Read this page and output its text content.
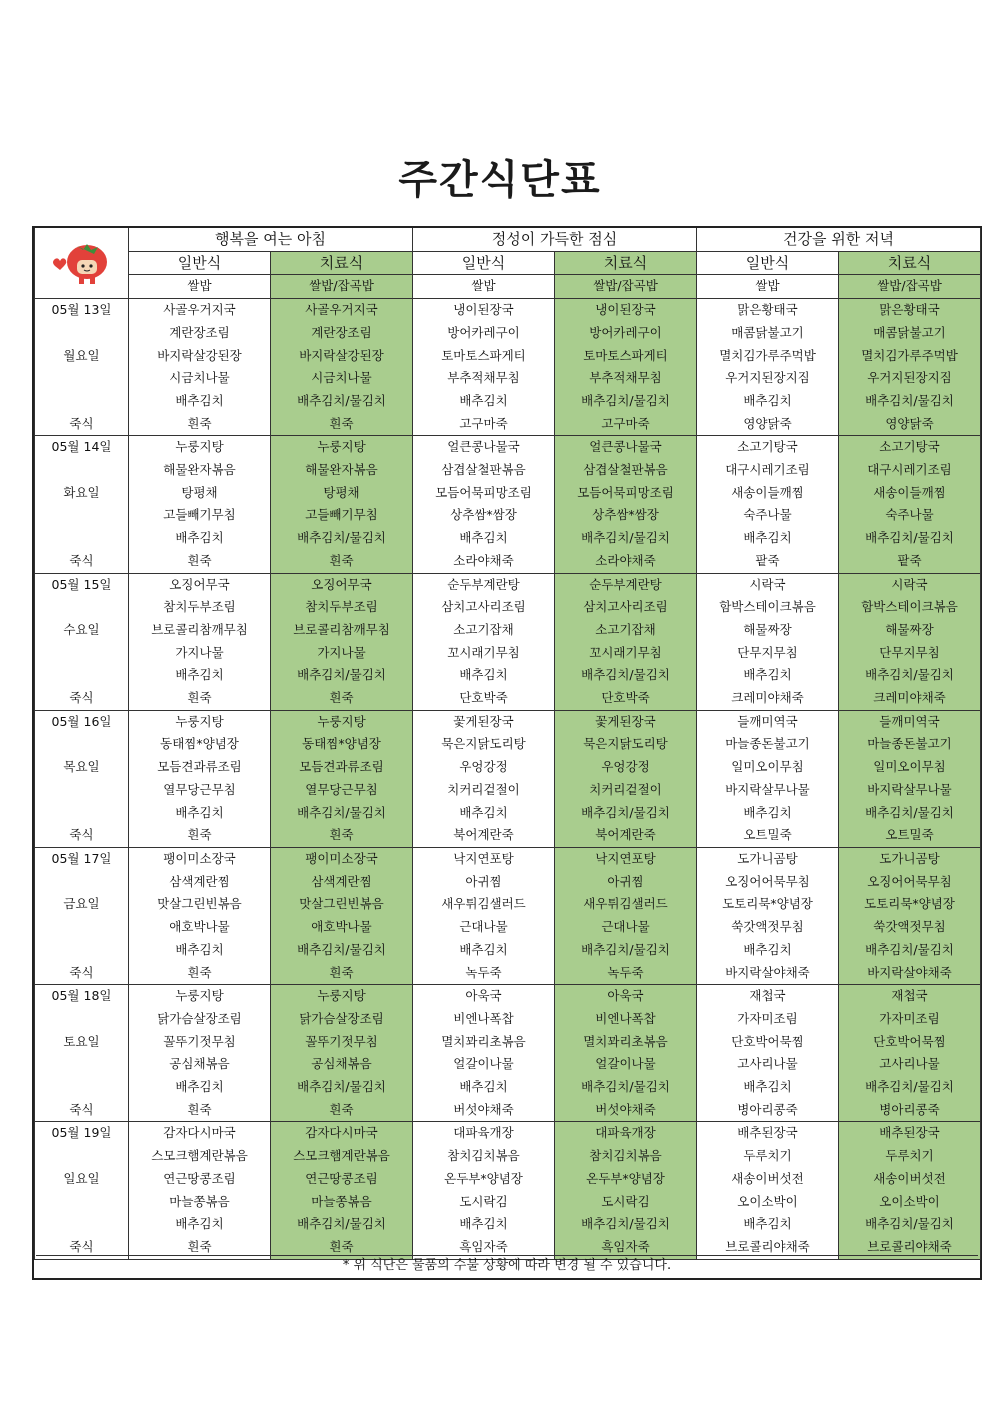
주간식단표
	행복을 여는 아침		정성이 가득한 점심		건강을 위한 저녁	
	일반식	치료식	일반식	치료식	일반식	치료식
	쌀밥	쌀밥/잡곡밥	쌀밥	쌀밥/잡곡밥	쌀밥	쌀밥/잡곡밥
05월 13일	사골우거지국	사골우거지국	냉이된장국	냉이된장국	맑은황태국	맑은황태국
	계란장조림	계란장조림	방어카레구이	방어카레구이	매콤닭불고기	매콤닭불고기
월요일	바지락살강된장	바지락살강된장	토마토스파게티	토마토스파게티	멸치김가루주먹밥	멸치김가루주먹밥
	시금치나물	시금치나물	부추적채무침	부추적채무침	우거지된장지짐	우거지된장지짐
	배추김치	배추김치/물김치	배추김치	배추김치/물김치	배추김치	배추김치/물김치
죽식	흰죽	흰죽	고구마죽	고구마죽	영양닭죽	영양닭죽
05월 14일	누룽지탕	누룽지탕	얼큰콩나물국	얼큰콩나물국	소고기탕국	소고기탕국
	해물완자볶음	해물완자볶음	삼겹살철판볶음	삼겹살철판볶음	대구시레기조림	대구시레기조림
화요일	탕평채	탕평채	모듬어묵피망조림	모듬어묵피망조림	새송이들깨찜	새송이들깨찜
	고들빼기무침	고들빼기무침	상추쌈*쌈장	상추쌈*쌈장	숙주나물	숙주나물
	배추김치	배추김치/물김치	배추김치	배추김치/물김치	배추김치	배추김치/물김치
죽식	흰죽	흰죽	소라야채죽	소라야채죽	팥죽	팥죽
05월 15일	오징어무국	오징어무국	순두부계란탕	순두부계란탕	시락국	시락국
	참치두부조림	참치두부조림	삼치고사리조림	삼치고사리조림	함박스테이크볶음	함박스테이크볶음
수요일	브로콜리참깨무침	브로콜리참깨무침	소고기잡채	소고기잡채	해물짜장	해물짜장
	가지나물	가지나물	꼬시래기무침	꼬시래기무침	단무지무침	단무지무침
	배추김치	배추김치/물김치	배추김치	배추김치/물김치	배추김치	배추김치/물김치
죽식	흰죽	흰죽	단호박죽	단호박죽	크레미야채죽	크레미야채죽
05월 16일	누룽지탕	누룽지탕	꽃게된장국	꽃게된장국	들깨미역국	들깨미역국
	동태찜*양념장	동태찜*양념장	묵은지닭도리탕	묵은지닭도리탕	마늘종돈불고기	마늘종돈불고기
목요일	모듬견과류조림	모듬견과류조림	우엉강정	우엉강정	일미오이무침	일미오이무침
	열무당근무침	열무당근무침	치커리겉절이	치커리겉절이	바지락살무나물	바지락살무나물
	배추김치	배추김치/물김치	배추김치	배추김치/물김치	배추김치	배추김치/물김치
죽식	흰죽	흰죽	북어계란죽	북어계란죽	오트밀죽	오트밀죽
05월 17일	팽이미소장국	팽이미소장국	낙지연포탕	낙지연포탕	도가니곰탕	도가니곰탕
	삼색계란찜	삼색계란찜	아귀찜	아귀찜	오징어어묵무침	오징어어묵무침
금요일	맛살그린빈볶음	맛살그린빈볶음	새우튀김샐러드	새우튀김샐러드	도토리묵*양념장	도토리묵*양념장
	애호박나물	애호박나물	근대나물	근대나물	쑥갓액젓무침	쑥갓액젓무침
	배추김치	배추김치/물김치	배추김치	배추김치/물김치	배추김치	배추김치/물김치
죽식	흰죽	흰죽	녹두죽	녹두죽	바지락살야채죽	바지락살야채죽
05월 18일	누룽지탕	누룽지탕	아욱국	아욱국	재첩국	재첩국
	닭가슴살장조림	닭가슴살장조림	비엔나폭찹	비엔나폭찹	가자미조림	가자미조림
토요일	꼴뚜기젓무침	꼴뚜기젓무침	멸치꽈리초볶음	멸치꽈리초볶음	단호박어묵찜	단호박어묵찜
	공심채볶음	공심채볶음	얼갈이나물	얼갈이나물	고사리나물	고사리나물
	배추김치	배추김치/물김치	배추김치	배추김치/물김치	배추김치	배추김치/물김치
죽식	흰죽	흰죽	버섯야채죽	버섯야채죽	병아리콩죽	병아리콩죽
05월 19일	감자다시마국	감자다시마국	대파육개장	대파육개장	배추된장국	배추된장국
	스모크햄계란볶음	스모크햄계란볶음	참치김치볶음	참치김치볶음	두루치기	두루치기
일요일	연근땅콩조림	연근땅콩조림	온두부*양념장	온두부*양념장	새송이버섯전	새송이버섯전
	마늘쫑볶음	마늘쫑볶음	도시락김	도시락김	오이소박이	오이소박이
	배추김치	배추김치/물김치	배추김치	배추김치/물김치	배추김치	배추김치/물김치
죽식	흰죽	흰죽	흑임자죽	흑임자죽	브로콜리야채죽	브로콜리야채죽
* 위 식단은 물품의 수불 상황에 따라 변경 될 수 있습니다.
